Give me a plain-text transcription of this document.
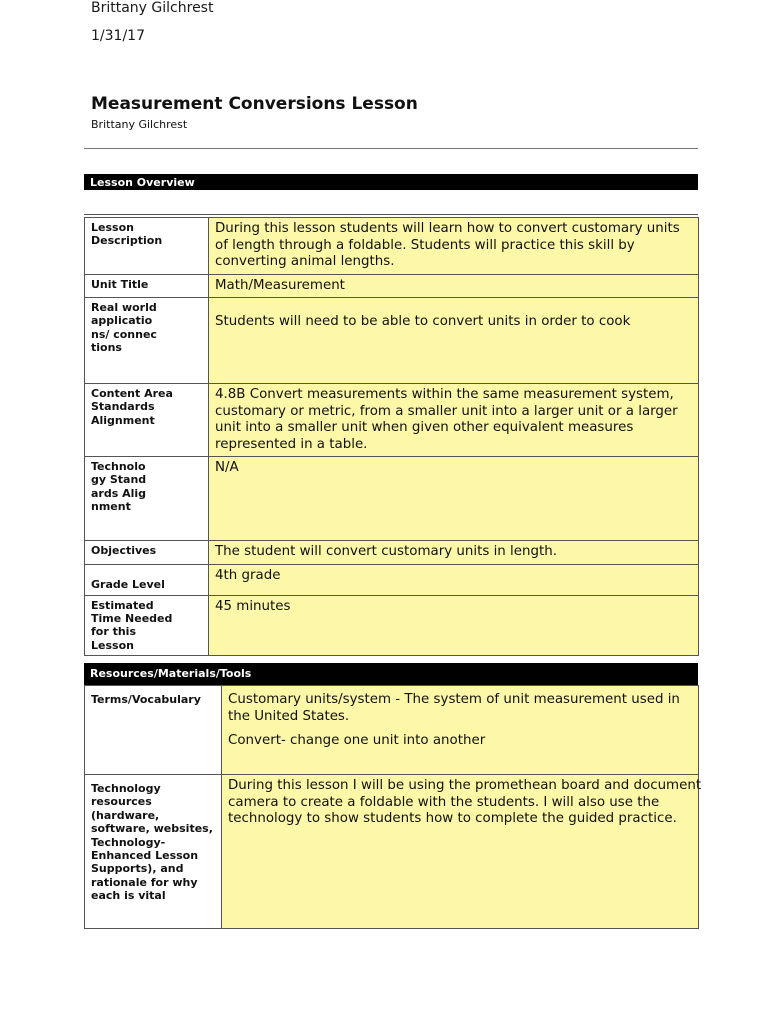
Brittany Gilchrest
1/31/17
Measurement Conversions Lesson
Brittany Gilchrest
Lesson Overview
Lesson Description	During this lesson students will learn how to convert customary units of length through a foldable. Students will practice this skill by converting animal lengths.
Unit Title	Math/Measurement
Real world applications/ connections	Students will need to be able to convert units in order to cook
Content Area Standards Alignment	4.8B Convert measurements within the same measurement system, customary or metric, from a smaller unit into a larger unit or a larger unit into a smaller unit when given other equivalent measures represented in a table.
Technology Standards Alignment	N/A
Objectives	The student will convert customary units in length.
Grade Level	4th grade
Estimated Time Needed for this Lesson	45 minutes
Resources/Materials/Tools
Terms/Vocabulary	Customary units/system - The system of unit measurement used in the United States.

Convert- change one unit into another

Technology resources (hardware, software, websites, Technology-Enhanced Lesson Supports), and rationale for why each is vital	During this lesson I will be using the promethean board and document camera to create a foldable with the students. I will also use the technology to show students how to complete the guided practice.
